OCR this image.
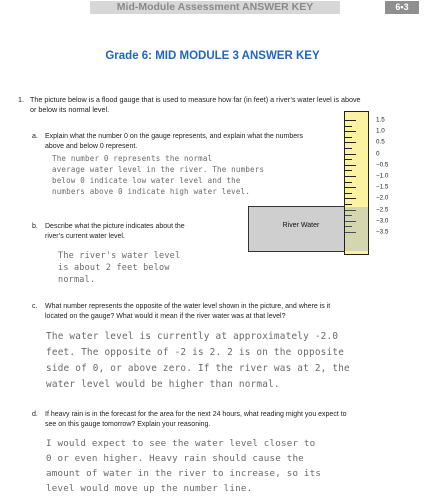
Mid-Module Assessment ANSWER KEY	6•3
Grade 6: MID MODULE 3 ANSWER KEY
1. The picture below is a flood gauge that is used to measure how far (in feet) a river’s water level is above
or below its normal level.
a. Explain what the number 0 on the gauge represents, and explain what the numbers
above and below 0 represent.
The number 0 represents the normal
average water level in the river. The numbers
below 0 indicate low water level and the
numbers above 0 indicate high water level.
River Water
1.5
1.0
0.5
0
−0.5
−1.0
−1.5
−2.0
−2.5
−3.0
−3.5
b. Describe what the picture indicates about the
river’s current water level.
The river's water level
is about 2 feet below
normal.
c. What number represents the opposite of the water level shown in the picture, and where is it
located on the gauge? What would it mean if the river water was at that level?
The water level is currently at approximately -2.0
feet. The opposite of -2 is 2. 2 is on the opposite
side of 0, or above zero. If the river was at 2, the
water level would be higher than normal.
d. If heavy rain is in the forecast for the area for the next 24 hours, what reading might you expect to
see on this gauge tomorrow? Explain your reasoning.
I would expect to see the water level closer to
0 or even higher. Heavy rain should cause the
amount of water in the river to increase, so its
level would move up the number line.
